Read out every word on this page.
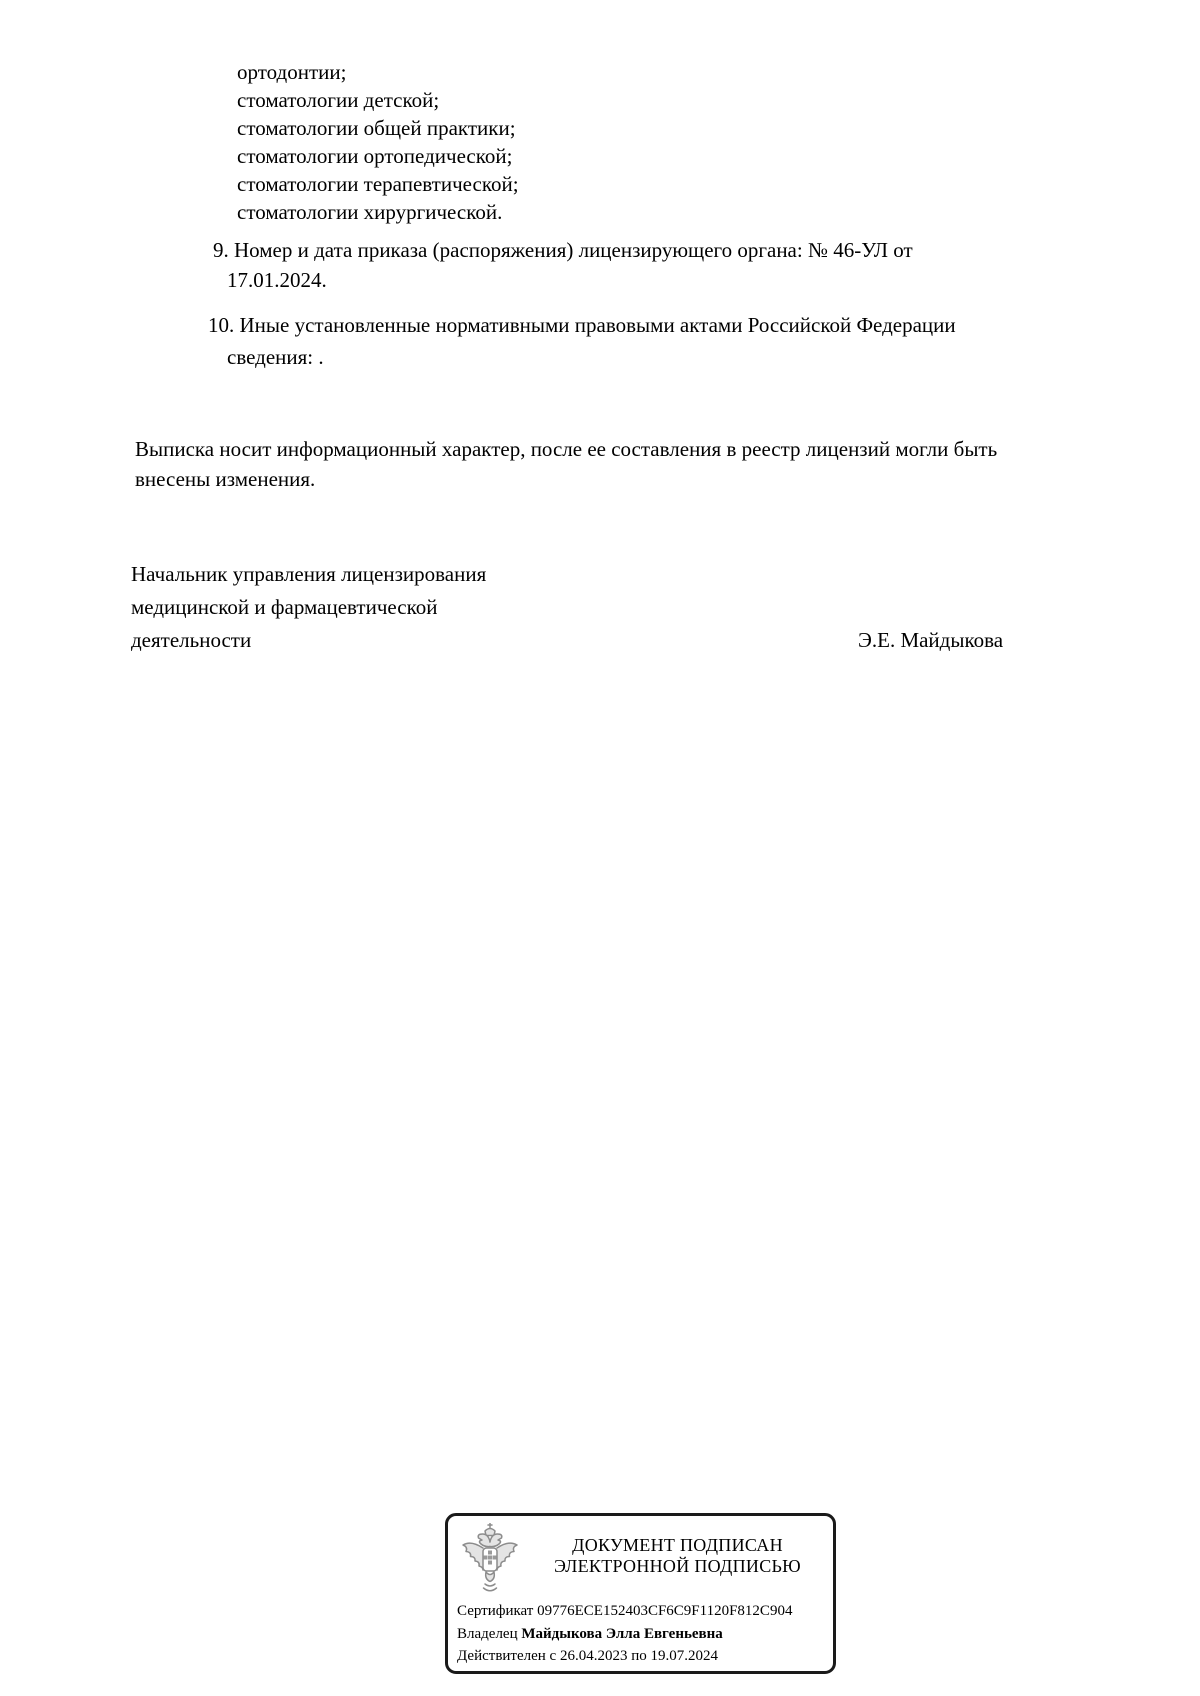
ортодонтии;
стоматологии детской;
стоматологии общей практики;
стоматологии ортопедической;
стоматологии терапевтической;
стоматологии хирургической.
9. Номер и дата приказа (распоряжения) лицензирующего органа: № 46-УЛ от
17.01.2024.
10. Иные установленные нормативными правовыми актами Российской Федерации
сведения: .
Выписка носит информационный характер, после ее составления в реестр лицензий могли быть
внесены изменения.
Начальник управления лицензирования
медицинской и фармацевтической
деятельности	Э.Е. Майдыкова
ДОКУМЕНТ ПОДПИСАН
ЭЛЕКТРОННОЙ ПОДПИСЬЮ
Сертификат 09776ECE152403CF6C9F1120F812C904
Владелец Майдыкова Элла Евгеньевна
Действителен с 26.04.2023 по 19.07.2024
